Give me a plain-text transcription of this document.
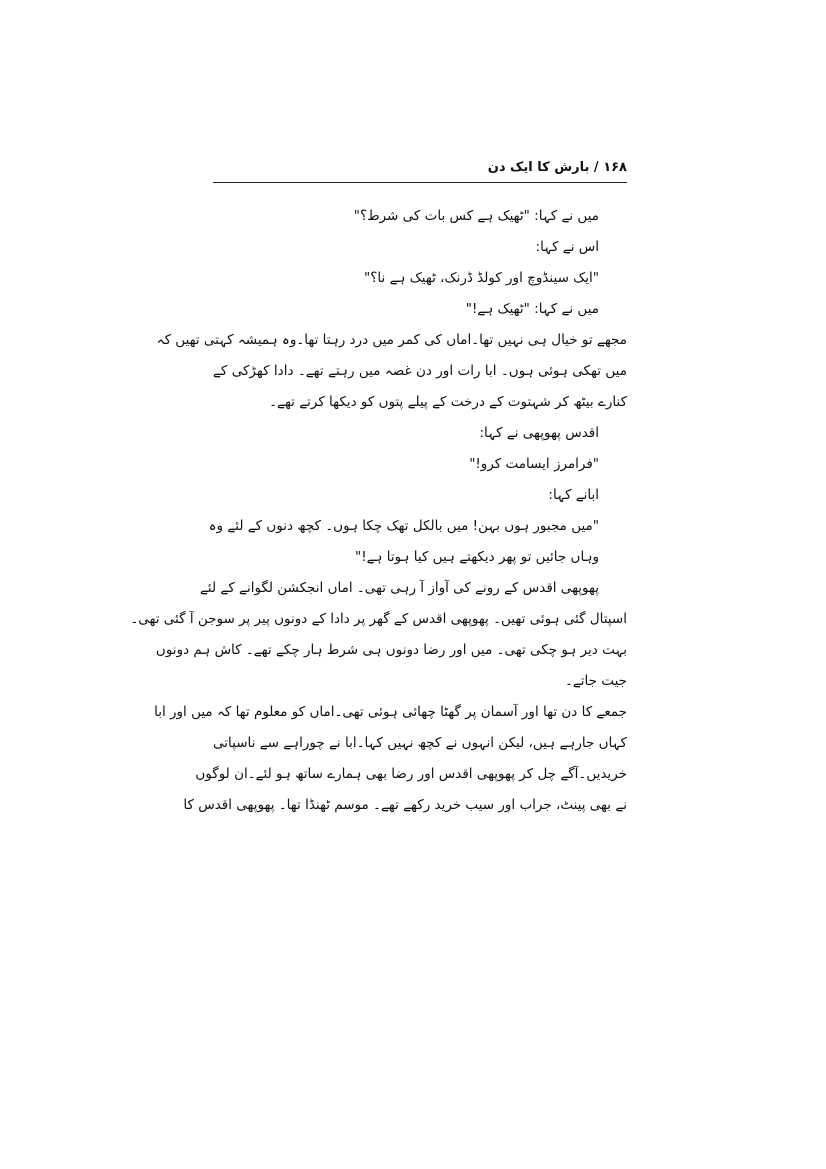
۱۶۸ / بارش کا ایک دن
میں نے کہا: "ٹھیک ہے کس بات کی شرط؟"
اس نے کہا:
"ایک سینڈوچ اور کولڈ ڈرنک، ٹھیک ہے نا؟"
میں نے کہا: "ٹھیک ہے!"
مجھے تو خیال ہی نہیں تھا۔اماں کی کمر میں درد رہتا تھا۔وہ ہمیشہ کہتی تھیں کہ
میں تھکی ہوئی ہوں۔ ابا رات اور دن غصہ میں رہتے تھے۔ دادا کھڑکی کے
کنارے بیٹھ کر شہتوت کے درخت کے پیلے پتوں کو دیکھا کرتے تھے۔
اقدس پھوپھی نے کہا:
"فرامرز ایسامت کرو!"
ابانے کہا:
"میں مجبور ہوں بہن! میں بالکل تھک چکا ہوں۔ کچھ دنوں کے لئے وہ
وہاں جائیں تو پھر دیکھتے ہیں کیا ہوتا ہے!"
پھوپھی اقدس کے رونے کی آواز آ رہی تھی۔ اماں انجکشن لگوانے کے لئے
اسپتال گئی ہوئی تھیں۔ پھوپھی اقدس کے گھر پر دادا کے دونوں پیر پر سوجن آ گئی تھی۔
بہت دیر ہو چکی تھی۔ میں اور رضا دونوں ہی شرط ہار چکے تھے۔ کاش ہم دونوں
جیت جاتے۔
جمعے کا دن تھا اور آسمان پر گھٹا چھائی ہوئی تھی۔اماں کو معلوم تھا کہ میں اور ابا
کہاں جارہے ہیں، لیکن انہوں نے کچھ نہیں کہا۔ابا نے چوراہے سے ناسپاتی
خریدیں۔آگے چل کر پھوپھی اقدس اور رضا بھی ہمارے ساتھ ہو لئے۔ان لوگوں
نے بھی پینٹ، جراب اور سیب خرید رکھے تھے۔ موسم ٹھنڈا تھا۔ پھوپھی اقدس کا
